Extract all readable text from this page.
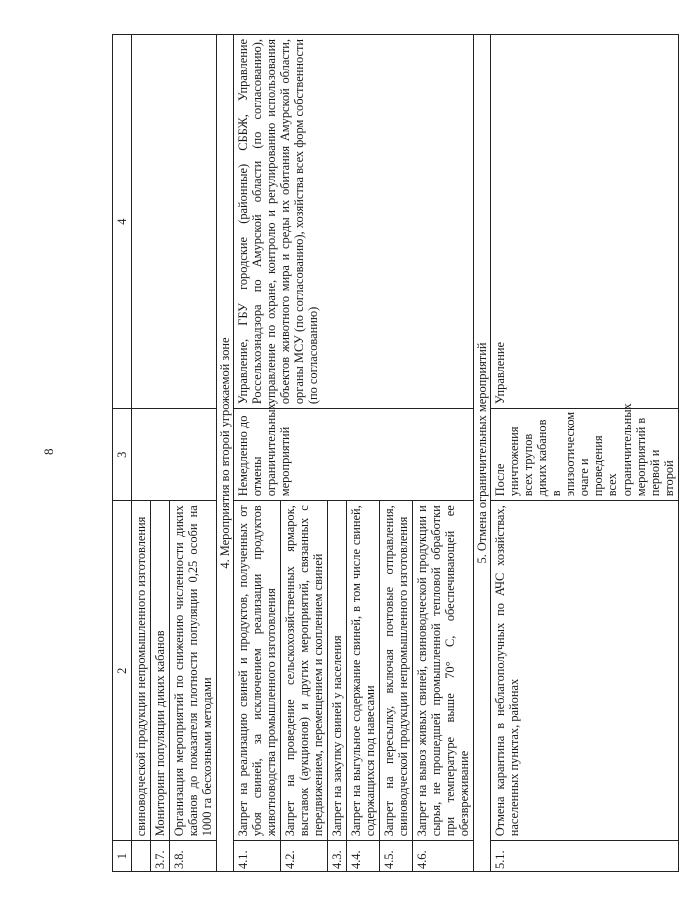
8
1	2	3	4
	свиноводческой продукции непромышленного изготовления		
3.7.	Мониторинг популяции диких кабанов		
3.8.	Организация мероприятий по снижению численности диких кабанов до показателя плотности популяции 0,25 особи на 1000 га бесхозными методами		
4. Мероприятия во второй угрожаемой зоне			
4.1.	Запрет на реализацию свиней и продуктов, полученных от убоя свиней, за исключением реализации продуктов животноводства промышленного изготовления	Немедленно до отмены ограничительных мероприятий	Управление, ГБУ городские (районные) СББЖ, Управление Россельхознадзора по Амурской области (по согласованию), управление по охране, контролю и регулированию использования объектов животного мира и среды их обитания Амурской области, органы МСУ (по согласованию), хозяйства всех форм собственности (по согласованию)
4.2.	Запрет на проведение сельскохозяйственных ярмарок, выставок (аукционов) и других мероприятий, связанных с передвижением, перемещением и скоплением свиней		
4.3.	Запрет на закупку свиней у населения		
4.4.	Запрет на выгульное содержание свиней, в том числе свиней, содержащихся под навесами		
4.5.	Запрет на пересылку, включая почтовые отправления, свиноводческой продукции непромышленного изготовления		
4.6.	Запрет на вывоз живых свиней, свиноводческой продукции и сырья, не прошедшей промышленной тепловой обработки при температуре выше 70° С, обеспечивающей ее обезвреживание		
5. Отмена ограничительных мероприятий			
5.1.	Отмена карантина в неблагополучных по АЧС хозяйствах, населенных пунктах, районах	После уничтожения всех трупов диких кабанов в эпизоотическом очаге и проведения всех ограничительных мероприятий в первой и второй	Управление
